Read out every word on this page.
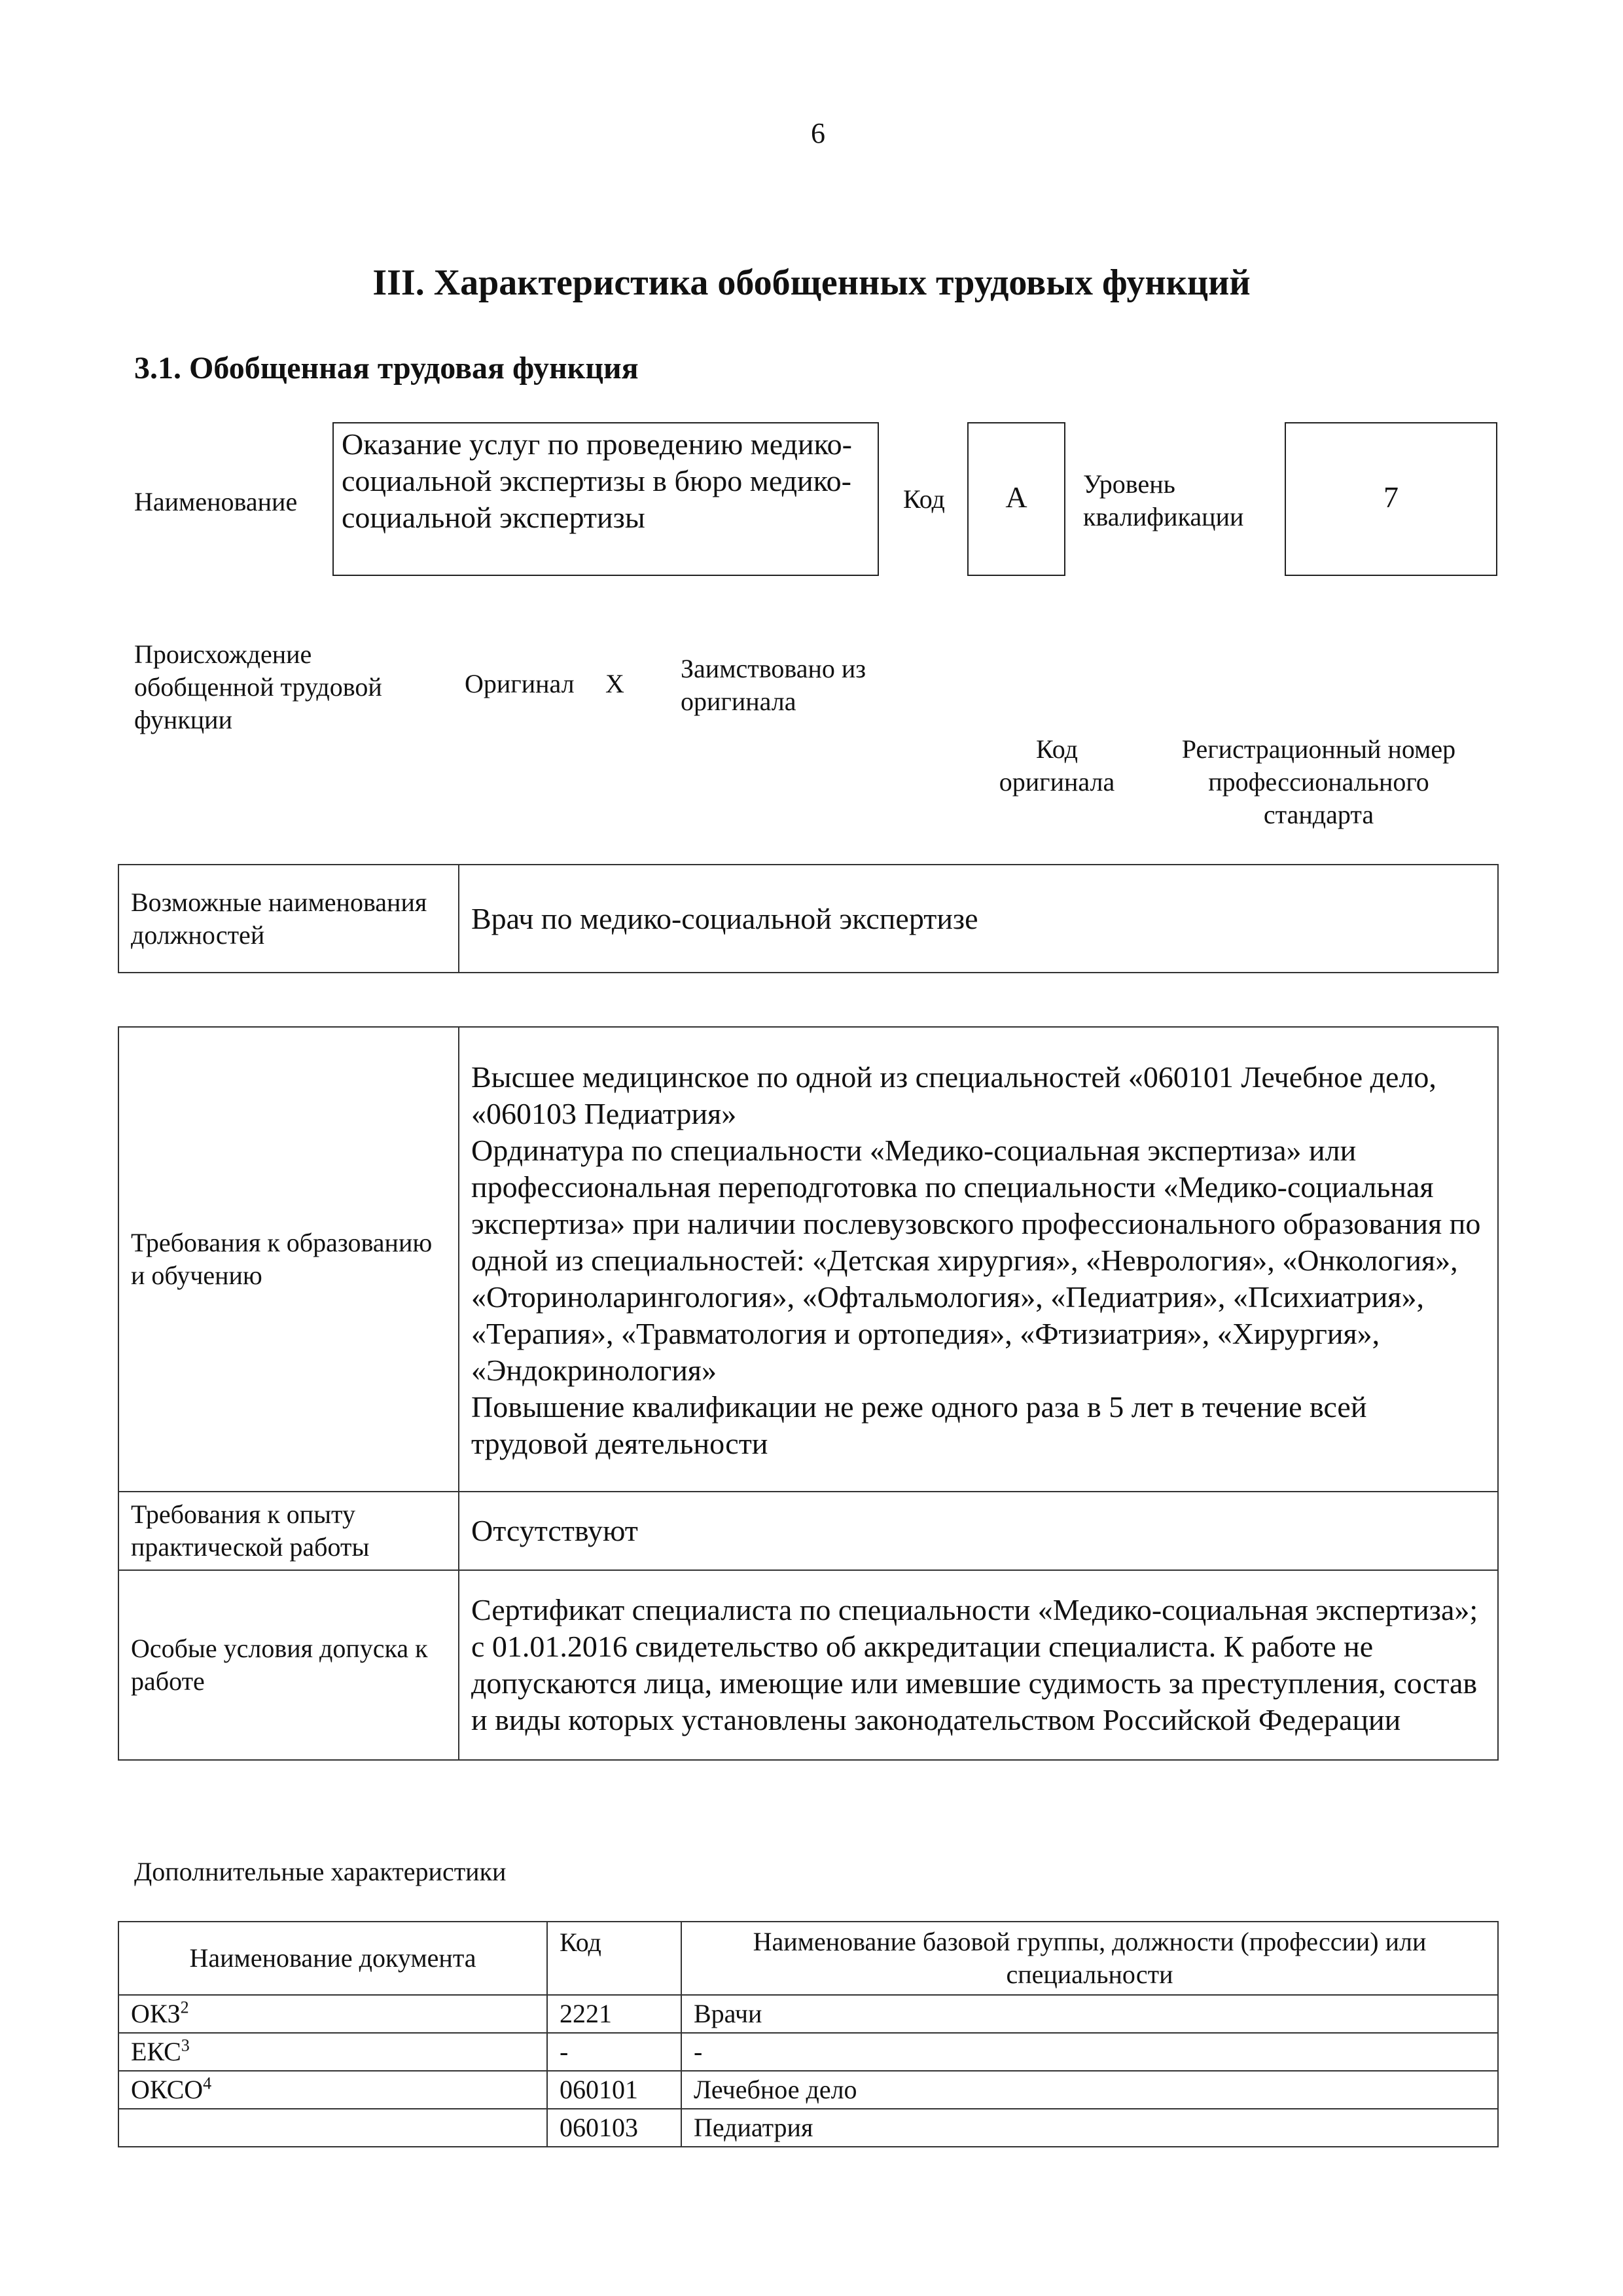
6
III. Характеристика обобщенных трудовых функций
3.1. Обобщенная трудовая функция
Наименование
Оказание услуг по проведению медико-социальной экспертизы в бюро медико-социальной экспертизы
Код	А	Уровень квалификации
7
Происхождение обобщенной трудовой функции
Оригинал X
Заимствовано из оригинала
Код оригинала
Регистрационный номер профессионального стандарта
Возможные наименования должностей	Врач по медико-социальной экспертизе
Требования к образованию и обучению	Высшее медицинское по одной из специальностей «060101 Лечебное дело, «060103 Педиатрия»
Ординатура по специальности «Медико-социальная экспертиза» или профессиональная переподготовка по специальности «Медико-социальная экспертиза» при наличии послевузовского профессионального образования по одной из специальностей: «Детская хирургия», «Неврология», «Онкология», «Оториноларингология», «Офтальмология», «Педиатрия», «Психиатрия», «Терапия», «Травматология и ортопедия», «Фтизиатрия», «Хирургия», «Эндокринология»
Повышение квалификации не реже одного раза в 5 лет в течение всей трудовой деятельности
Требования к опыту практической работы	Отсутствуют
Особые условия допуска к работе	Сертификат специалиста по специальности «Медико-социальная экспертиза»; с 01.01.2016 свидетельство об аккредитации специалиста. К работе не допускаются лица, имеющие или имевшие судимость за преступления, состав и виды которых установлены законодательством Российской Федерации
Дополнительные характеристики
Наименование документа	Код	Наименование базовой группы, должности (профессии) или специальности
ОКЗ$^2$	2221	Врачи
ЕКС$^3$	-	-
ОКСО$^4$	060101	Лечебное дело
	060103	Педиатрия
